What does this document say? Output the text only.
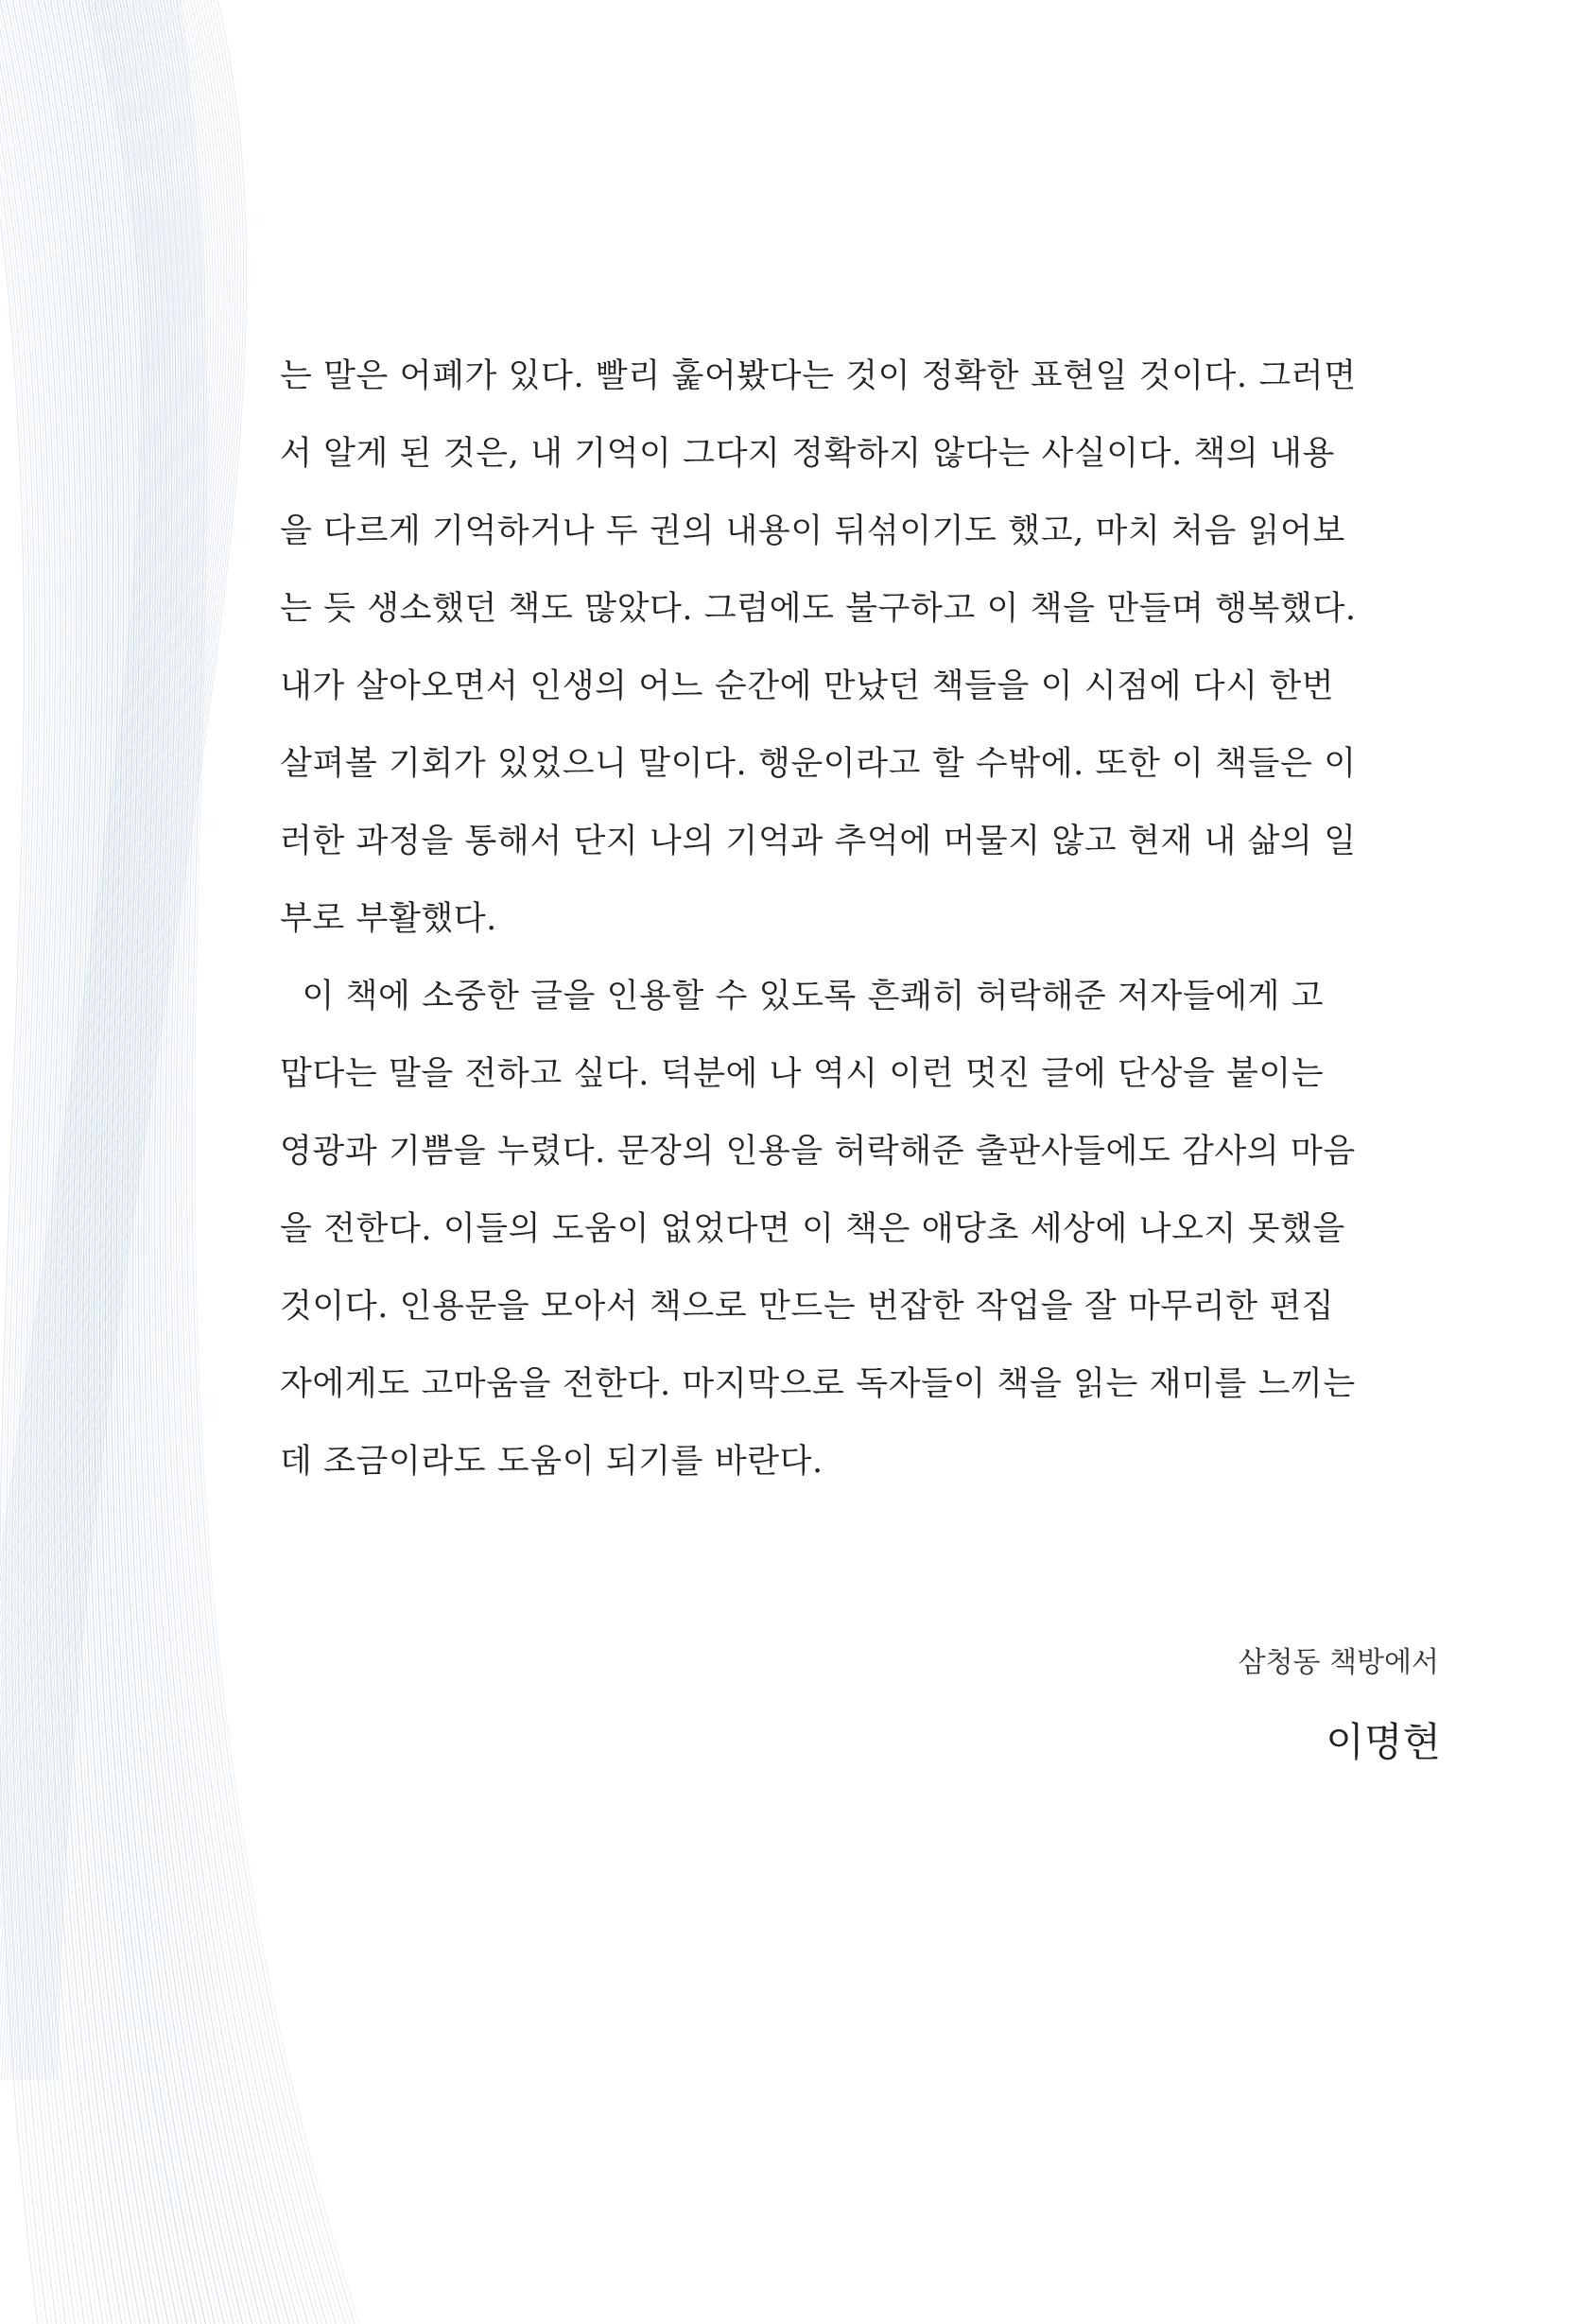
는 말은 어폐가 있다. 빨리 훑어봤다는 것이 정확한 표현일 것이다. 그러면
서 알게 된 것은, 내 기억이 그다지 정확하지 않다는 사실이다. 책의 내용
을 다르게 기억하거나 두 권의 내용이 뒤섞이기도 했고, 마치 처음 읽어보
는 듯 생소했던 책도 많았다. 그럼에도 불구하고 이 책을 만들며 행복했다.
내가 살아오면서 인생의 어느 순간에 만났던 책들을 이 시점에 다시 한번
살펴볼 기회가 있었으니 말이다. 행운이라고 할 수밖에. 또한 이 책들은 이
러한 과정을 통해서 단지 나의 기억과 추억에 머물지 않고 현재 내 삶의 일
부로 부활했다.
이 책에 소중한 글을 인용할 수 있도록 흔쾌히 허락해준 저자들에게 고
맙다는 말을 전하고 싶다. 덕분에 나 역시 이런 멋진 글에 단상을 붙이는
영광과 기쁨을 누렸다. 문장의 인용을 허락해준 출판사들에도 감사의 마음
을 전한다. 이들의 도움이 없었다면 이 책은 애당초 세상에 나오지 못했을
것이다. 인용문을 모아서 책으로 만드는 번잡한 작업을 잘 마무리한 편집
자에게도 고마움을 전한다. 마지막으로 독자들이 책을 읽는 재미를 느끼는
데 조금이라도 도움이 되기를 바란다.
삼청동 책방에서
이명현
